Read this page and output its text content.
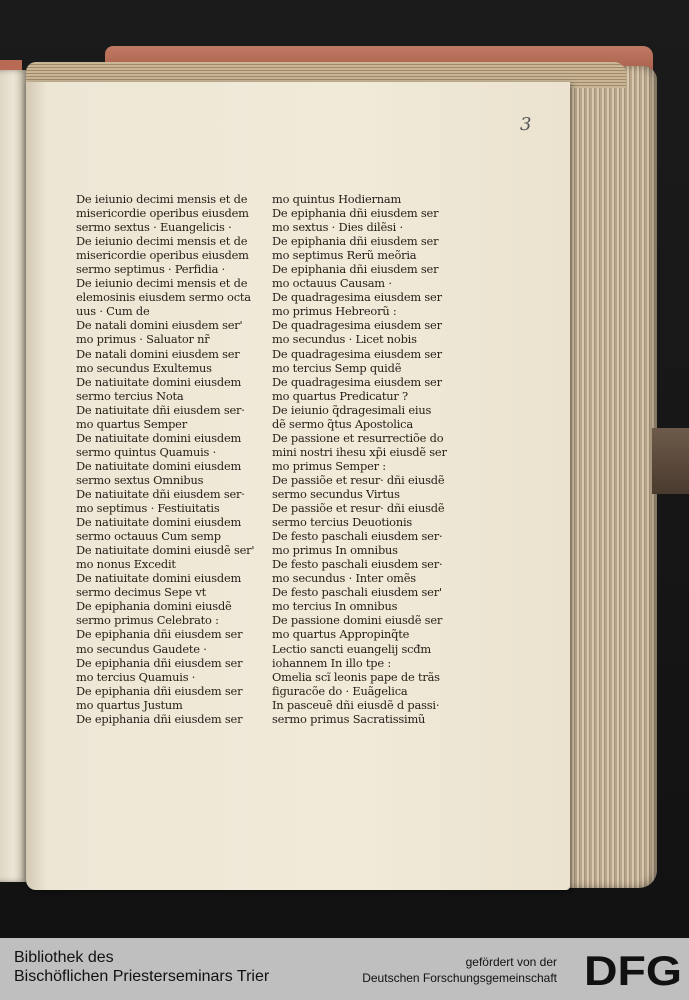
3
De ieiunio decimi mensis et de
misericordie operibus eiusdem
sermo sextus · Euangelicis ·
De ieiunio decimi mensis et de
misericordie operibus eiusdem
sermo septimus · Perfidia ·
De ieiunio decimi mensis et de
elemosinis eiusdem sermo octa
uus · Cum de
De natali domini eiusdem ser'
mo primus · Saluator nr̃
De natali domini eiusdem ser
mo secundus Exultemus
De natiuitate domini eiusdem
sermo tercius Nota
De natiuitate dñi eiusdem ser·
mo quartus Semper
De natiuitate domini eiusdem
sermo quintus Quamuis ·
De natiuitate domini eiusdem
sermo sextus Omnibus
De natiuitate dñi eiusdem ser·
mo septimus · Festiuitatis
De natiuitate domini eiusdem
sermo octauus Cum semp
De natiuitate domini eiusdẽ ser'
mo nonus Excedit
De natiuitate domini eiusdem
sermo decimus Sepe vt
De epiphania domini eiusdẽ
sermo primus Celebrato :
De epiphania dñi eiusdem ser
mo secundus Gaudete ·
De epiphania dñi eiusdem ser
mo tercius Quamuis ·
De epiphania dñi eiusdem ser
mo quartus Justum
De epiphania dñi eiusdem ser
mo quintus Hodiernam
De epiphania dñi eiusdem ser
mo sextus · Dies dilẽsi ·
De epiphania dñi eiusdem ser
mo septimus Rerũ meõria
De epiphania dñi eiusdem ser
mo octauus Causam ·
De quadragesima eiusdem ser
mo primus Hebreorũ :
De quadragesima eiusdem ser
mo secundus · Licet nobis
De quadragesima eiusdem ser
mo tercius Semp quidẽ
De quadragesima eiusdem ser
mo quartus Predicatur ?
De ieiunio q̃dragesimali eius
dẽ sermo q̃tus Apostolica
De passione et resurrectiõe do
mini nostri ihesu xp̃i eiusdẽ ser
mo primus Semper :
De passiõe et resur· dñi eiusdẽ
sermo secundus Virtus
De passiõe et resur· dñi eiusdẽ
sermo tercius Deuotionis
De festo paschali eiusdem ser·
mo primus In omnibus
De festo paschali eiusdem ser·
mo secundus · Inter omẽs
De festo paschali eiusdem ser'
mo tercius In omnibus
De passione domini eiusdẽ ser
mo quartus Appropinq̃te
Lectio sancti euangelij scđm
iohannem In illo tpe :
Omelia scĩ leonis pape de trãs
figuracõe do · Euãgelica
In pasceuẽ dñi eiusdẽ d passi·
sermo primus Sacratissimũ
Bibliothek des
Bischöflichen Priesterseminars Trier
gefördert von der
Deutschen Forschungsgemeinschaft DFG
